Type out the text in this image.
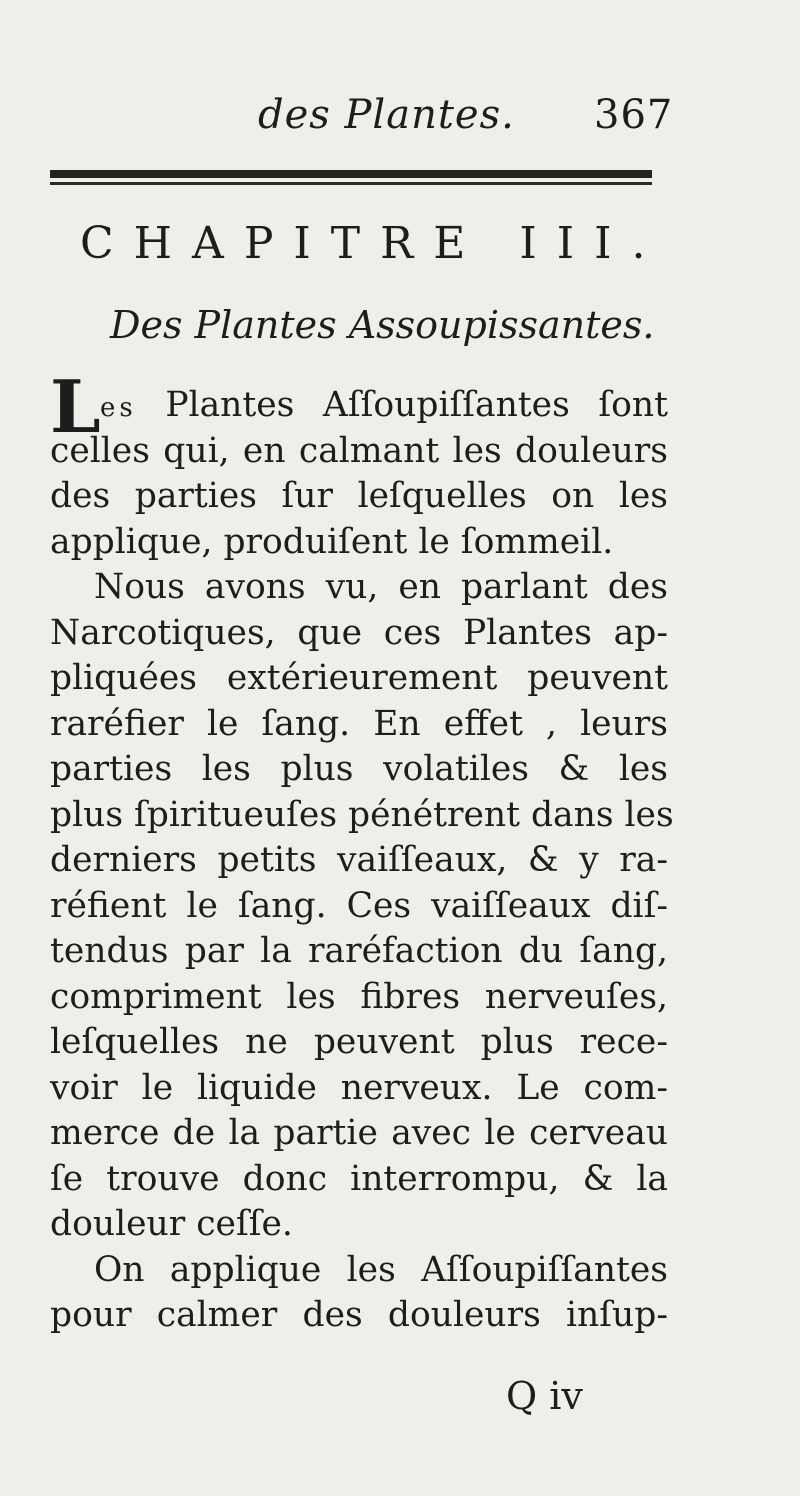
des Plantes. 367
CHAPITRE III.
Des Plantes Assoupissantes.
L es Plantes Aſſoupiſſantes ſont
celles qui, en calmant les douleurs
des parties ſur leſquelles on les
applique, produiſent le ſommeil.
Nous avons vu, en parlant des
Narcotiques, que ces Plantes ap-
pliquées extérieurement peuvent
raréfier le ſang. En effet , leurs
parties les plus volatiles & les
plus ſpiritueuſes pénétrent dans les
derniers petits vaiſſeaux, & y ra-
réfient le ſang. Ces vaiſſeaux diſ-
tendus par la raréfaction du ſang,
compriment les fibres nerveuſes,
leſquelles ne peuvent plus rece-
voir le liquide nerveux. Le com-
merce de la partie avec le cerveau
ſe trouve donc interrompu, & la
douleur ceſſe.
On applique les Aſſoupiſſantes
pour calmer des douleurs inſup-
Q iv
